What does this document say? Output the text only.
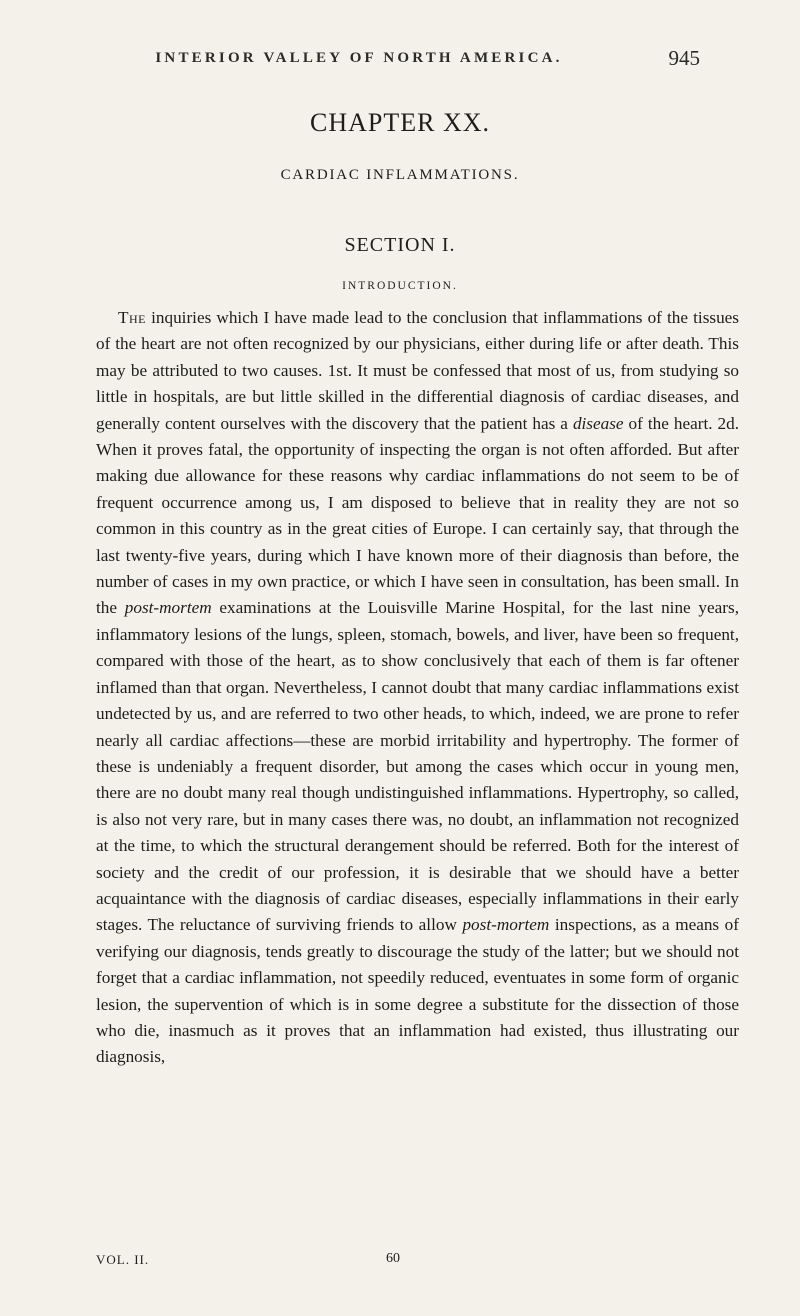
INTERIOR VALLEY OF NORTH AMERICA.	945
CHAPTER XX.
CARDIAC INFLAMMATIONS.
SECTION I.
INTRODUCTION.

The inquiries which I have made lead to the conclusion that inflammations of the tissues of the heart are not often recognized by our physicians, either during life or after death. This may be attributed to two causes. 1st. It must be confessed that most of us, from studying so little in hospitals, are but little skilled in the differential diagnosis of cardiac diseases, and generally content ourselves with the discovery that the patient has a disease of the heart. 2d. When it proves fatal, the opportunity of inspecting the organ is not often afforded. But after making due allowance for these reasons why cardiac inflammations do not seem to be of frequent occurrence among us, I am disposed to believe that in reality they are not so common in this country as in the great cities of Europe. I can certainly say, that through the last twenty-five years, during which I have known more of their diagnosis than before, the number of cases in my own practice, or which I have seen in consultation, has been small. In the post-mortem examinations at the Louisville Marine Hospital, for the last nine years, inflammatory lesions of the lungs, spleen, stomach, bowels, and liver, have been so frequent, compared with those of the heart, as to show conclusively that each of them is far oftener inflamed than that organ. Nevertheless, I cannot doubt that many cardiac inflammations exist undetected by us, and are referred to two other heads, to which, indeed, we are prone to refer nearly all cardiac affections—these are morbid irritability and hypertrophy. The former of these is undeniably a frequent disorder, but among the cases which occur in young men, there are no doubt many real though undistinguished inflammations. Hypertrophy, so called, is also not very rare, but in many cases there was, no doubt, an inflammation not recognized at the time, to which the structural derangement should be referred. Both for the interest of society and the credit of our profession, it is desirable that we should have a better acquaintance with the diagnosis of cardiac diseases, especially inflammations in their early stages. The reluctance of surviving friends to allow post-mortem inspections, as a means of verifying our diagnosis, tends greatly to discourage the study of the latter; but we should not forget that a cardiac inflammation, not speedily reduced, eventuates in some form of organic lesion, the supervention of which is in some degree a substitute for the dissection of those who die, inasmuch as it proves that an inflammation had existed, thus illustrating our diagnosis,

VOL. II.	60
